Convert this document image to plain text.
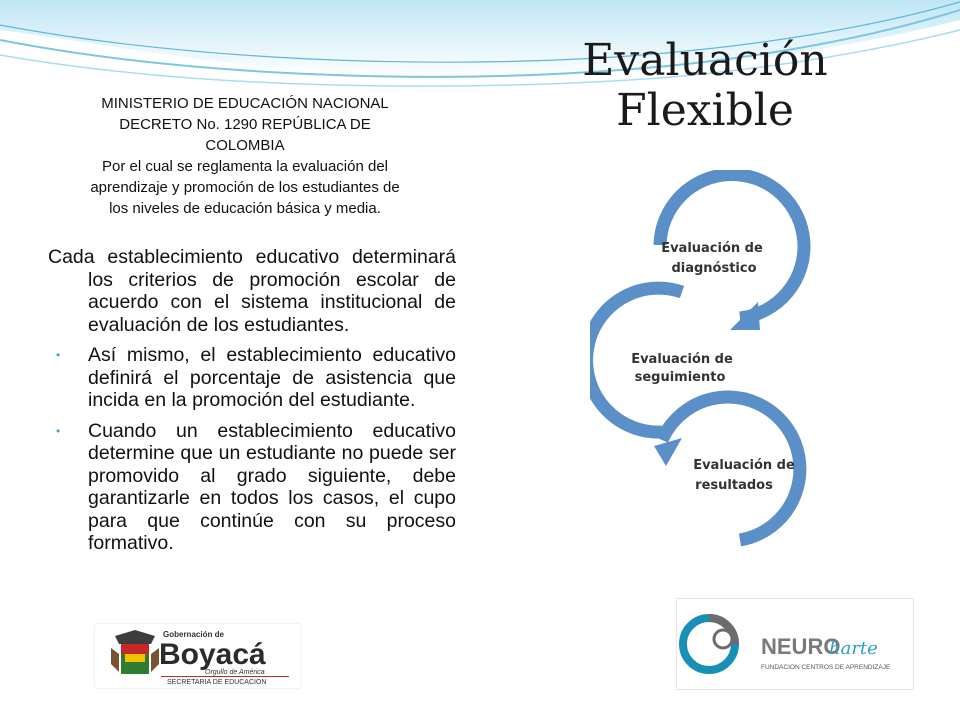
Evaluación
Flexible
MINISTERIO DE EDUCACIÓN NACIONAL
DECRETO No. 1290 REPÚBLICA DE
COLOMBIA
Por el cual se reglamenta la evaluación del
aprendizaje y promoción de los estudiantes de
los niveles de educación básica y media.

Cada establecimiento educativo determinará los criterios de promoción escolar de acuerdo con el sistema institucional de evaluación de los estudiantes.

• Así mismo, el establecimiento educativo definirá el porcentaje de asistencia que incida en la promoción del estudiante.
• Cuando un establecimiento educativo determine que un estudiante no puede ser promovido al grado siguiente, debe garantizarle en todos los casos, el cupo para que continúe con su proceso formativo.
Evaluación de
diagnóstico
Evaluación de
seguimiento
Evaluación de
resultados
Gobernación de
Boyacá
Orgullo de América
SECRETARIA DE EDUCACION
NEURO
harte
FUNDACION CENTROS DE APRENDIZAJE
